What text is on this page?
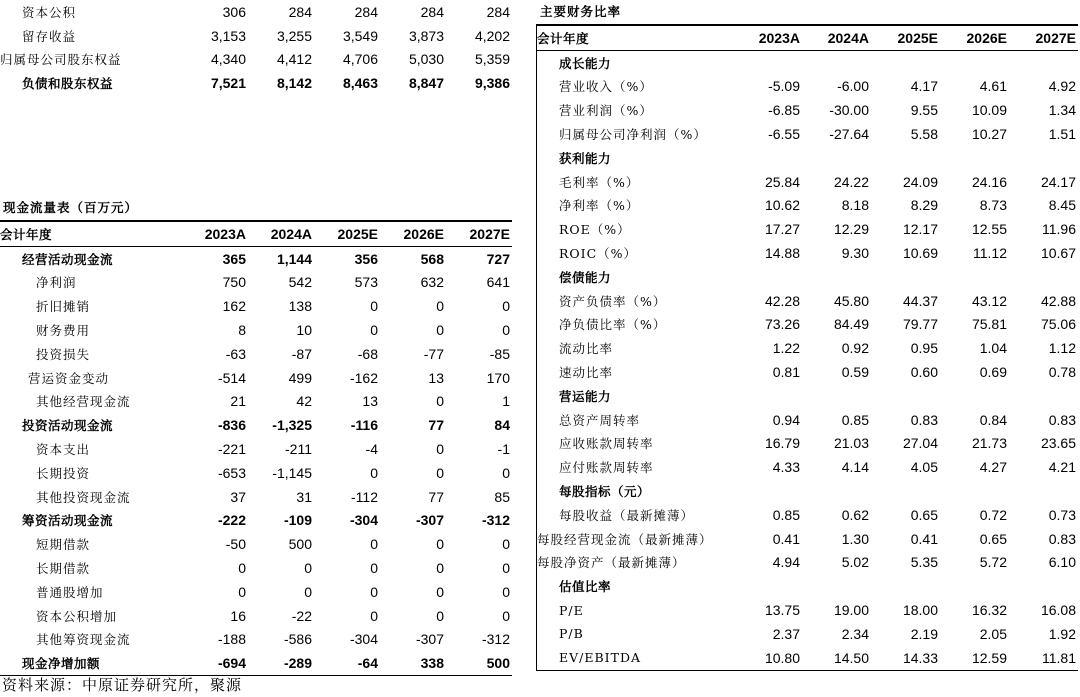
资本公积	306	284	284	284	284
留存收益	3,153	3,255	3,549	3,873	4,202
归属母公司股东权益	4,340	4,412	4,706	5,030	5,359
负债和股东权益	7,521	8,142	8,463	8,847	9,386
现金流量表（百万元）
会计年度	2023A	2024A	2025E	2026E	2027E
经营活动现金流	365	1,144	356	568	727
净利润	750	542	573	632	641
折旧摊销	162	138	0	0	0
财务费用	8	10	0	0	0
投资损失	-63	-87	-68	-77	-85
营运资金变动	-514	499	-162	13	170
其他经营现金流	21	42	13	0	1
投资活动现金流	-836	-1,325	-116	77	84
资本支出	-221	-211	-4	0	-1
长期投资	-653	-1,145	0	0	0
其他投资现金流	37	31	-112	77	85
筹资活动现金流	-222	-109	-304	-307	-312
短期借款	-50	500	0	0	0
长期借款	0	0	0	0	0
普通股增加	0	0	0	0	0
资本公积增加	16	-22	0	0	0
其他筹资现金流	-188	-586	-304	-307	-312
现金净增加额	-694	-289	-64	338	500
主要财务比率
会计年度	2023A	2024A	2025E	2026E	2027E
成长能力					
营业收入（%）	-5.09	-6.00	4.17	4.61	4.92
营业利润（%）	-6.85	-30.00	9.55	10.09	1.34
归属母公司净利润（%）	-6.55	-27.64	5.58	10.27	1.51
获利能力					
毛利率（%）	25.84	24.22	24.09	24.16	24.17
净利率（%）	10.62	8.18	8.29	8.73	8.45
ROE（%）	17.27	12.29	12.17	12.55	11.96
ROIC（%）	14.88	9.30	10.69	11.12	10.67
偿债能力					
资产负债率（%）	42.28	45.80	44.37	43.12	42.88
净负债比率（%）	73.26	84.49	79.77	75.81	75.06
流动比率	1.22	0.92	0.95	1.04	1.12
速动比率	0.81	0.59	0.60	0.69	0.78
营运能力					
总资产周转率	0.94	0.85	0.83	0.84	0.83
应收账款周转率	16.79	21.03	27.04	21.73	23.65
应付账款周转率	4.33	4.14	4.05	4.27	4.21
每股指标（元）					
每股收益（最新摊薄）	0.85	0.62	0.65	0.72	0.73
每股经营现金流（最新摊薄）	0.41	1.30	0.41	0.65	0.83
每股净资产（最新摊薄）	4.94	5.02	5.35	5.72	6.10
估值比率					
P/E	13.75	19.00	18.00	16.32	16.08
P/B	2.37	2.34	2.19	2.05	1.92
EV/EBITDA	10.80	14.50	14.33	12.59	11.81
资料来源：中原证券研究所，聚源
